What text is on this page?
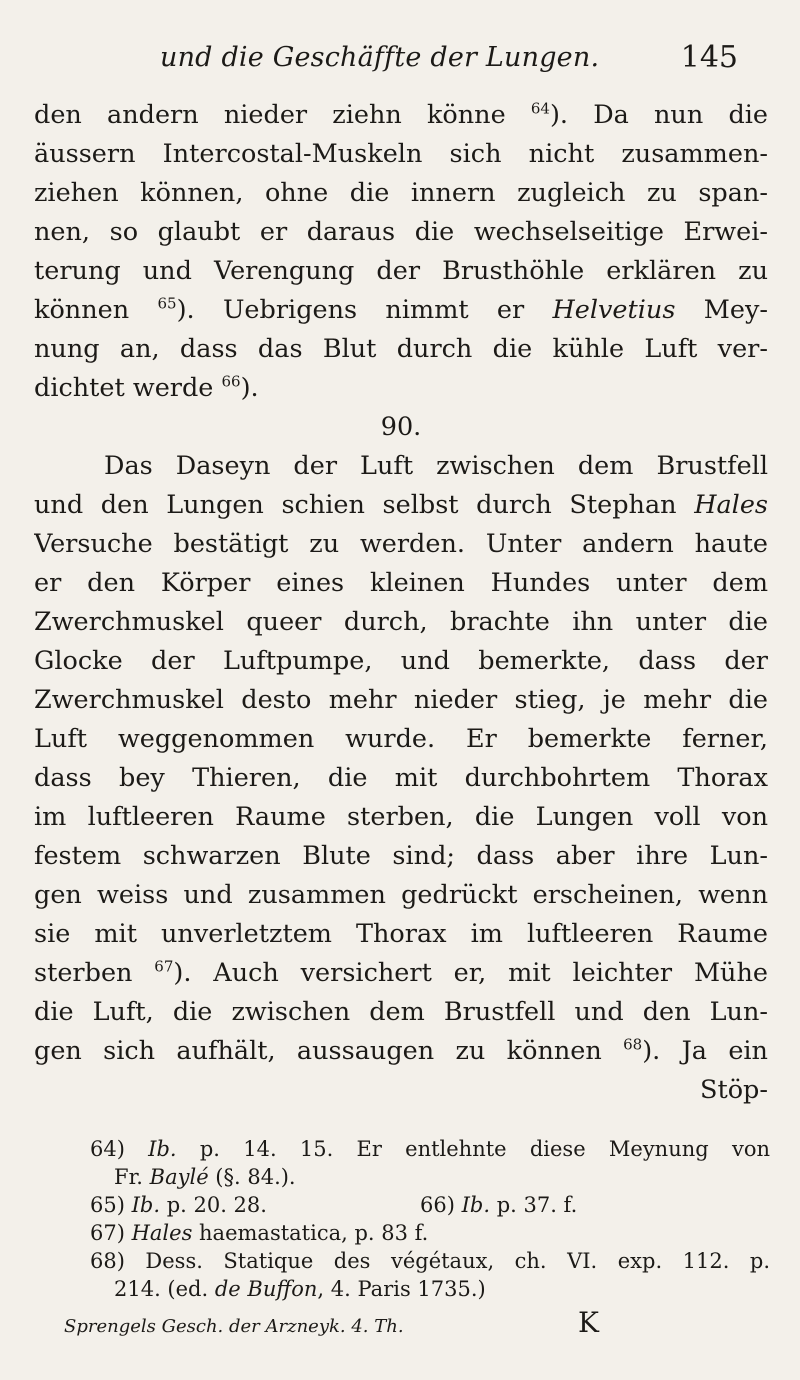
und die Geschäffte der Lungen.	145
den andern nieder ziehn könne $^{64}$). Da nun die
äussern Intercostal-Muskeln sich nicht zusammen-
ziehen können, ohne die innern zugleich zu span-
nen, so glaubt er daraus die wechselseitige Erwei-
terung und Verengung der Brusthöhle erklären zu
können $^{65}$). Uebrigens nimmt er Helvetius Mey-
nung an, dass das Blut durch die kühle Luft ver-
dichtet werde $^{66}$).
90.
Das Daseyn der Luft zwischen dem Brustfell
und den Lungen schien selbst durch Stephan Hales
Versuche bestätigt zu werden. Unter andern haute
er den Körper eines kleinen Hundes unter dem
Zwerchmuskel queer durch, brachte ihn unter die
Glocke der Luftpumpe, und bemerkte, dass der
Zwerchmuskel desto mehr nieder stieg, je mehr die
Luft weggenommen wurde. Er bemerkte ferner,
dass bey Thieren, die mit durchbohrtem Thorax
im luftleeren Raume sterben, die Lungen voll von
festem schwarzen Blute sind; dass aber ihre Lun-
gen weiss und zusammen gedrückt erscheinen, wenn
sie mit unverletztem Thorax im luftleeren Raume
sterben $^{67}$). Auch versichert er, mit leichter Mühe
die Luft, die zwischen dem Brustfell und den Lun-
gen sich aufhält, aussaugen zu können $^{68}$). Ja ein
Stöp-
64) Ib. p. 14. 15. Er entlehnte diese Meynung von
Fr. Baylé (§. 84.).
65) Ib. p. 20. 28.	66) Ib. p. 37. f.
67) Hales haemastatica, p. 83 f.
68) Dess. Statique des végétaux, ch. VI. exp. 112. p.
214. (ed. de Buffon, 4. Paris 1735.)
Sprengels Gesch. der Arzneyk. 4. Th.	K
